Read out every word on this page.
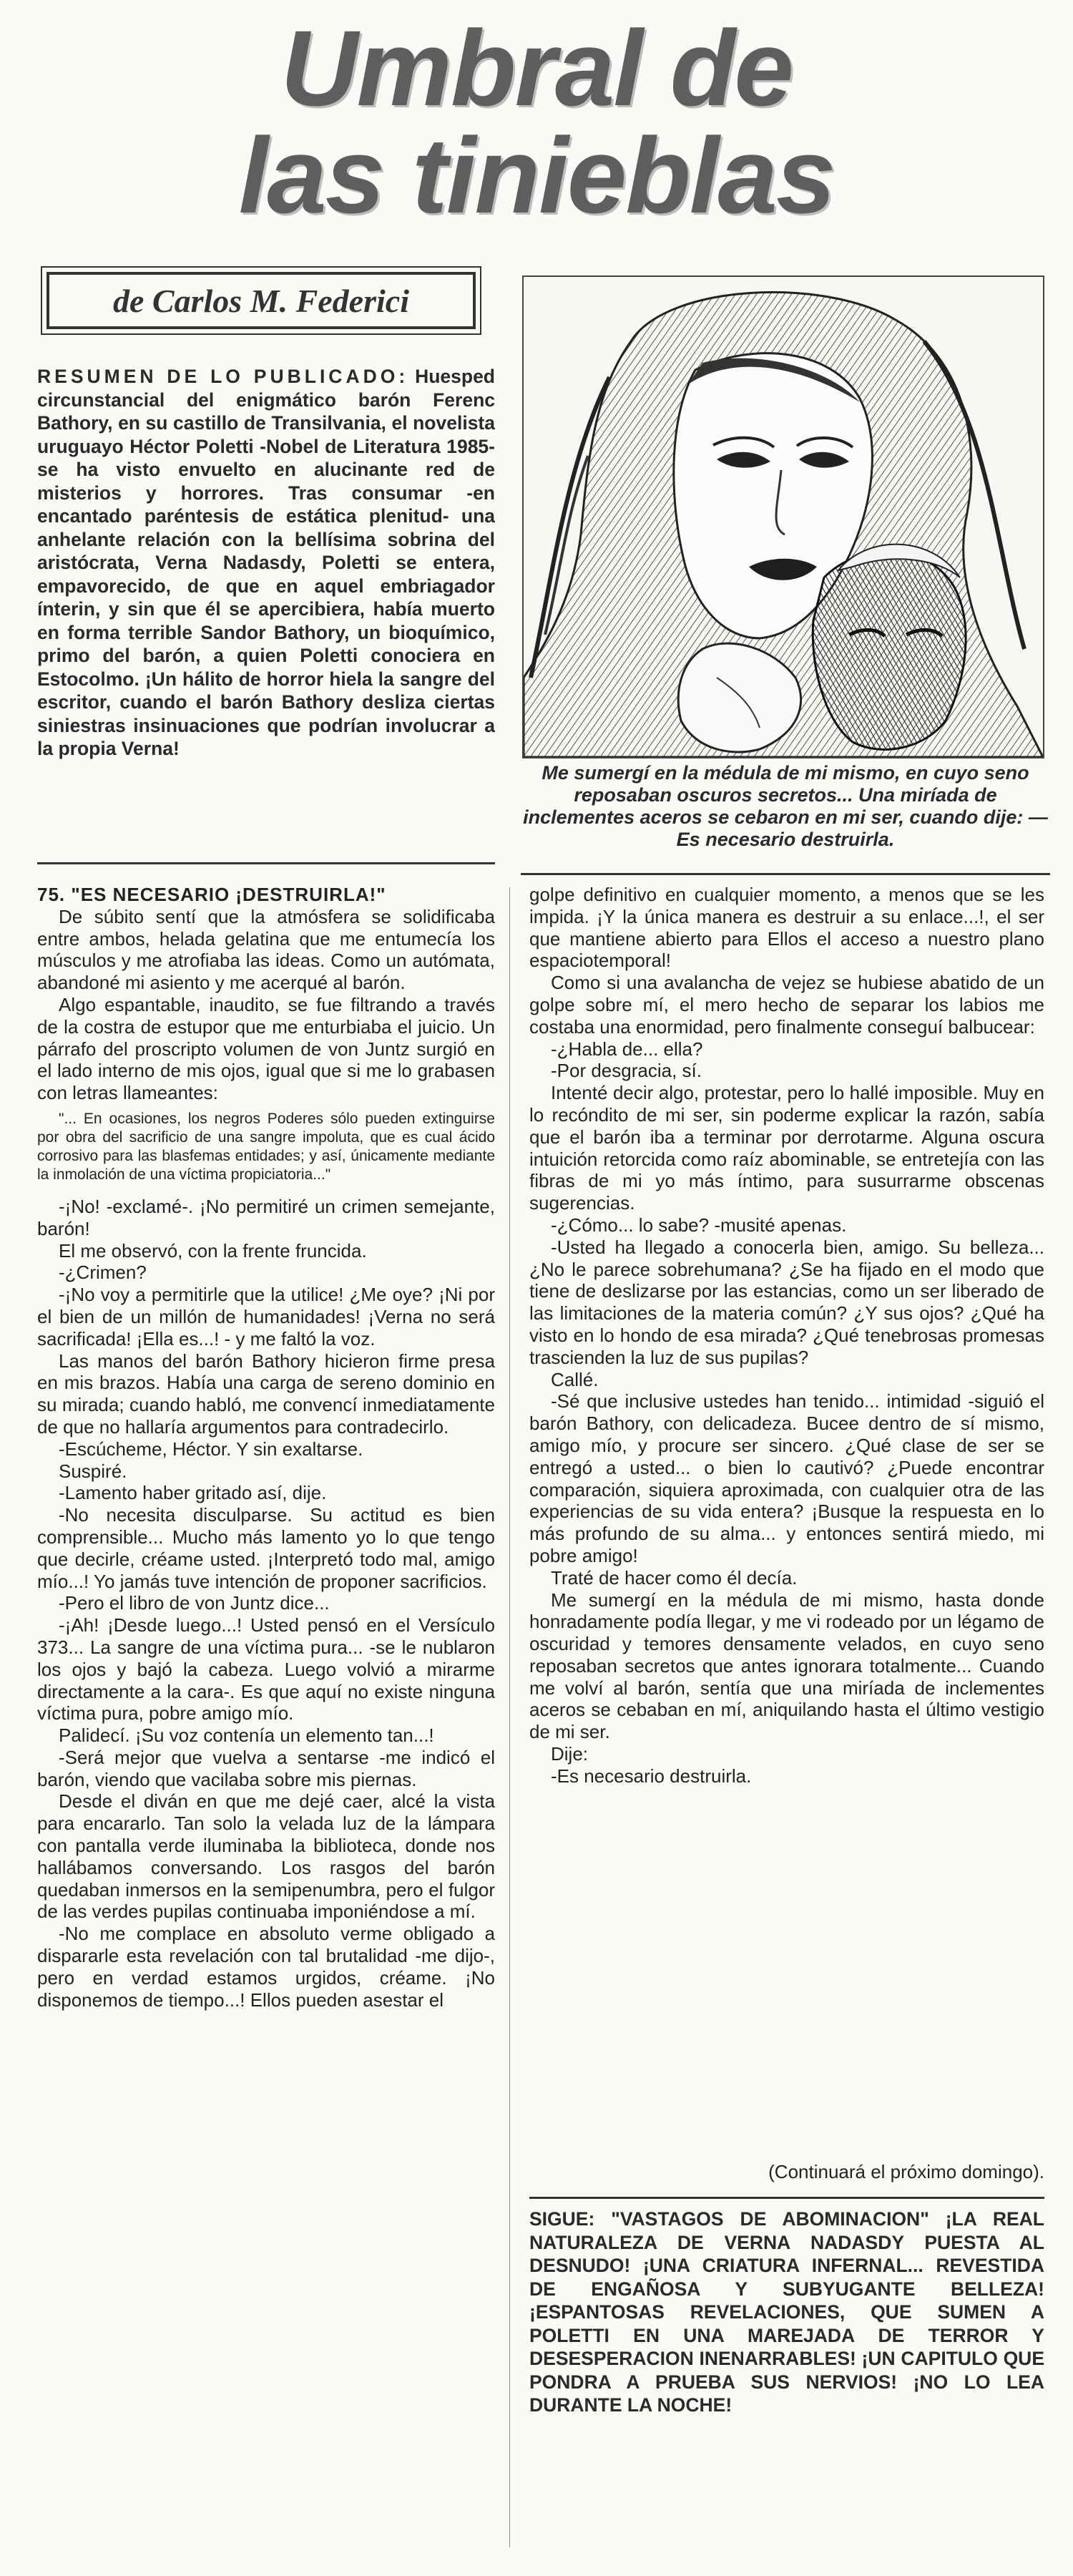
Umbral de
las tinieblas
de Carlos M. Federici

RESUMEN DE LO PUBLICADO: Huesped circunstancial del enigmático barón Ferenc Bathory, en su castillo de Transilvania, el novelista uruguayo Héctor Poletti -Nobel de Literatura 1985- se ha visto envuelto en alucinante red de misterios y horrores. Tras consumar -en encantado paréntesis de estática plenitud- una anhelante relación con la bellísima sobrina del aristócrata, Verna Nadasdy, Poletti se entera, empavorecido, de que en aquel embriagador ínterin, y sin que él se apercibiera, había muerto en forma terrible Sandor Bathory, un bioquímico, primo del barón, a quien Poletti conociera en Estocolmo. ¡Un hálito de horror hiela la sangre del escritor, cuando el barón Bathory desliza ciertas siniestras insinuaciones que podrían involucrar a la propia Verna!

Me sumergí en la médula de mi mismo, en cuyo seno reposaban oscuros secretos... Una miríada de inclementes aceros se cebaron en mi ser, cuando dije: —Es necesario destruirla.

75. "ES NECESARIO ¡DESTRUIRLA!"

De súbito sentí que la atmósfera se solidificaba entre ambos, helada gelatina que me entumecía los músculos y me atrofiaba las ideas. Como un autómata, abandoné mi asiento y me acerqué al barón.

Algo espantable, inaudito, se fue filtrando a través de la costra de estupor que me enturbiaba el juicio. Un párrafo del proscripto volumen de von Juntz surgió en el lado interno de mis ojos, igual que si me lo grabasen con letras llameantes:

"... En ocasiones, los negros Poderes sólo pueden extinguirse por obra del sacrificio de una sangre impoluta, que es cual ácido corrosivo para las blasfemas entidades; y así, únicamente mediante la inmolación de una víctima propiciatoria..."

-¡No! -exclamé-. ¡No permitiré un crimen semejante, barón!

El me observó, con la frente fruncida.

-¿Crimen?

-¡No voy a permitirle que la utilice! ¿Me oye? ¡Ni por el bien de un millón de humanidades! ¡Verna no será sacrificada! ¡Ella es...! - y me faltó la voz.

Las manos del barón Bathory hicieron firme presa en mis brazos. Había una carga de sereno dominio en su mirada; cuando habló, me convencí inmediatamente de que no hallaría argumentos para contradecirlo.

-Escúcheme, Héctor. Y sin exaltarse.

Suspiré.

-Lamento haber gritado así, dije.

-No necesita disculparse. Su actitud es bien comprensible... Mucho más lamento yo lo que tengo que decirle, créame usted. ¡Interpretó todo mal, amigo mío...! Yo jamás tuve intención de proponer sacrificios.

-Pero el libro de von Juntz dice...

-¡Ah! ¡Desde luego...! Usted pensó en el Versículo 373... La sangre de una víctima pura... -se le nublaron los ojos y bajó la cabeza. Luego volvió a mirarme directamente a la cara-. Es que aquí no existe ninguna víctima pura, pobre amigo mío.

Palidecí. ¡Su voz contenía un elemento tan...!

-Será mejor que vuelva a sentarse -me indicó el barón, viendo que vacilaba sobre mis piernas.

Desde el diván en que me dejé caer, alcé la vista para encararlo. Tan solo la velada luz de la lámpara con pantalla verde iluminaba la biblioteca, donde nos hallábamos conversando. Los rasgos del barón quedaban inmersos en la semipenumbra, pero el fulgor de las verdes pupilas continuaba imponiéndose a mí.

-No me complace en absoluto verme obligado a dispararle esta revelación con tal brutalidad -me dijo-, pero en verdad estamos urgidos, créame. ¡No disponemos de tiempo...! Ellos pueden asestar el

golpe definitivo en cualquier momento, a menos que se les impida. ¡Y la única manera es destruir a su enlace...!, el ser que mantiene abierto para Ellos el acceso a nuestro plano espaciotemporal!

Como si una avalancha de vejez se hubiese abatido de un golpe sobre mí, el mero hecho de separar los labios me costaba una enormidad, pero finalmente conseguí balbucear:

-¿Habla de... ella?

-Por desgracia, sí.

Intenté decir algo, protestar, pero lo hallé imposible. Muy en lo recóndito de mi ser, sin poderme explicar la razón, sabía que el barón iba a terminar por derrotarme. Alguna oscura intuición retorcida como raíz abominable, se entretejía con las fibras de mi yo más íntimo, para susurrarme obscenas sugerencias.

-¿Cómo... lo sabe? -musité apenas.

-Usted ha llegado a conocerla bien, amigo. Su belleza... ¿No le parece sobrehumana? ¿Se ha fijado en el modo que tiene de deslizarse por las estancias, como un ser liberado de las limitaciones de la materia común? ¿Y sus ojos? ¿Qué ha visto en lo hondo de esa mirada? ¿Qué tenebrosas promesas trascienden la luz de sus pupilas?

Callé.

-Sé que inclusive ustedes han tenido... intimidad -siguió el barón Bathory, con delicadeza. Bucee dentro de sí mismo, amigo mío, y procure ser sincero. ¿Qué clase de ser se entregó a usted... o bien lo cautivó? ¿Puede encontrar comparación, siquiera aproximada, con cualquier otra de las experiencias de su vida entera? ¡Busque la respuesta en lo más profundo de su alma... y entonces sentirá miedo, mi pobre amigo!

Traté de hacer como él decía.

Me sumergí en la médula de mi mismo, hasta donde honradamente podía llegar, y me vi rodeado por un légamo de oscuridad y temores densamente velados, en cuyo seno reposaban secretos que antes ignorara totalmente... Cuando me volví al barón, sentía que una miríada de inclementes aceros se cebaban en mí, aniquilando hasta el último vestigio de mi ser.

Dije:

-Es necesario destruirla.

(Continuará el próximo domingo).

SIGUE: "VASTAGOS DE ABOMINACION" ¡LA REAL NATURALEZA DE VERNA NADASDY PUESTA AL DESNUDO! ¡UNA CRIATURA INFERNAL... REVESTIDA DE ENGAÑOSA Y SUBYUGANTE BELLEZA! ¡ESPANTOSAS REVELACIONES, QUE SUMEN A POLETTI EN UNA MAREJADA DE TERROR Y DESESPERACION INENARRABLES! ¡UN CAPITULO QUE PONDRA A PRUEBA SUS NERVIOS! ¡NO LO LEA DURANTE LA NOCHE!
